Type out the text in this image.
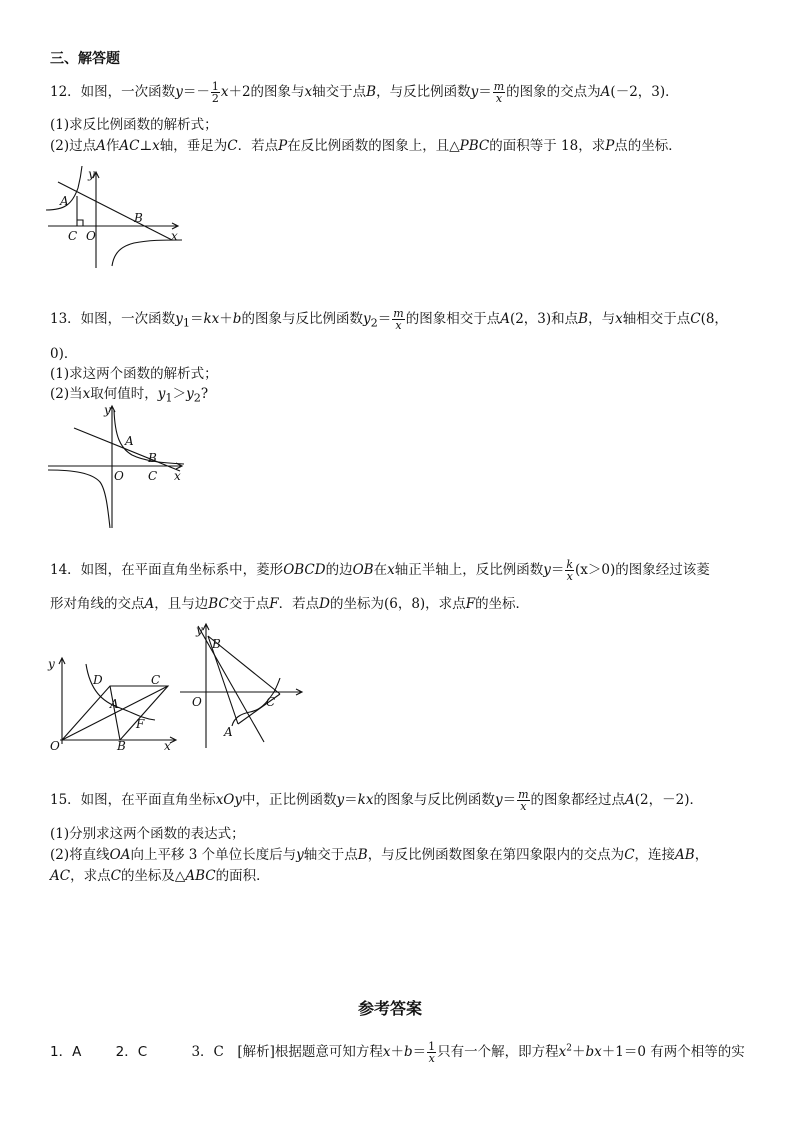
三、解答题
12．如图，一次函数$y=- \frac{1}{2} x+2$的图象与x轴交于点B，与反比例函数$y= \frac{m}{x}$ 的图象的交点为A(－2，3)．
(1)求反比例函数的解析式；
(2)过点A作AC⊥x轴，垂足为C．若点P在反比例函数的图象上，且△PBC的面积等于 18，求P点的坐标．
A
y
B
C O	x
13．如图，一次函数$y_1=kx+b$的图象与反比例函数$y_2= \frac{m}{x}$ 的图象相交于点A(2，3)和点B，与x轴相交于点C(8，
0)．
(1)求这两个函数的解析式；
(2)当x取何值时，$y_1>y_2$?
y
A
B
O C x
14．如图，在平面直角坐标系中，菱形OBCD的边OB在x轴正半轴上，反比例函数$y= \frac{k}{x} (x>0)$的图象经过该菱
形对角线的交点A，且与边BC交于点F．若点D的坐标为(6，8)，求点F的坐标．
y
D	C
A
F
O	B	x
y
B
O	C
A
15．如图，在平面直角坐标xOy中，正比例函数y＝kx的图象与反比例函数$y= \frac{m}{x}$ 的图象都经过点A(2，－2)．
(1)分别求这两个函数的表达式；
(2)将直线OA向上平移 3 个单位长度后与y轴交于点B，与反比例函数图象在第四象限内的交点为C，连接AB，
AC，求点C的坐标及△ABC的面积．
参考答案
1．A	2．C	3．C　[解析]根据题意可知方程$x+b= \frac{1}{x}$ 只有一个解，即方程$x^2+bx+1=0$ 有两个相等的实
